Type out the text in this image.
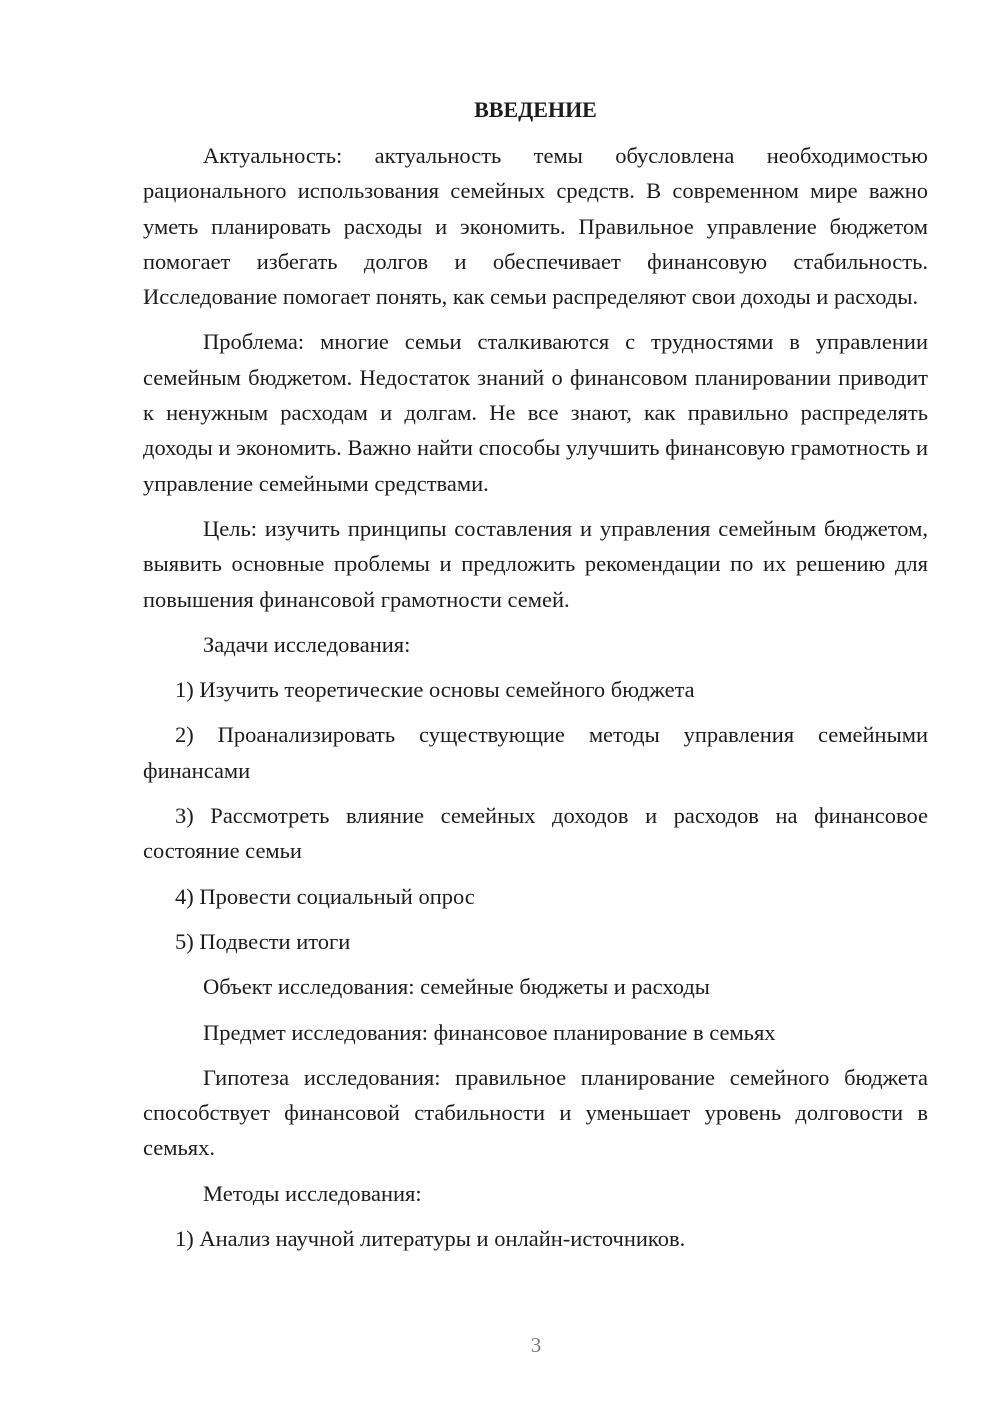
ВВЕДЕНИЕ
Актуальность: актуальность темы обусловлена необходимостью рационального использования семейных средств. В современном мире важно уметь планировать расходы и экономить. Правильное управление бюджетом помогает избегать долгов и обеспечивает финансовую стабильность. Исследование помогает понять, как семьи распределяют свои доходы и расходы.
Проблема: многие семьи сталкиваются с трудностями в управлении семейным бюджетом. Недостаток знаний о финансовом планировании приводит к ненужным расходам и долгам. Не все знают, как правильно распределять доходы и экономить. Важно найти способы улучшить финансовую грамотность и управление семейными средствами.
Цель: изучить принципы составления и управления семейным бюджетом, выявить основные проблемы и предложить рекомендации по их решению для повышения финансовой грамотности семей.
Задачи исследования:
1) Изучить теоретические основы семейного бюджета
2) Проанализировать существующие методы управления семейными финансами
3) Рассмотреть влияние семейных доходов и расходов на финансовое состояние семьи
4) Провести социальный опрос
5) Подвести итоги
Объект исследования: семейные бюджеты и расходы
Предмет исследования: финансовое планирование в семьях
Гипотеза исследования: правильное планирование семейного бюджета способствует финансовой стабильности и уменьшает уровень долговости в семьях.
Методы исследования:
1) Анализ научной литературы и онлайн-источников.
3
